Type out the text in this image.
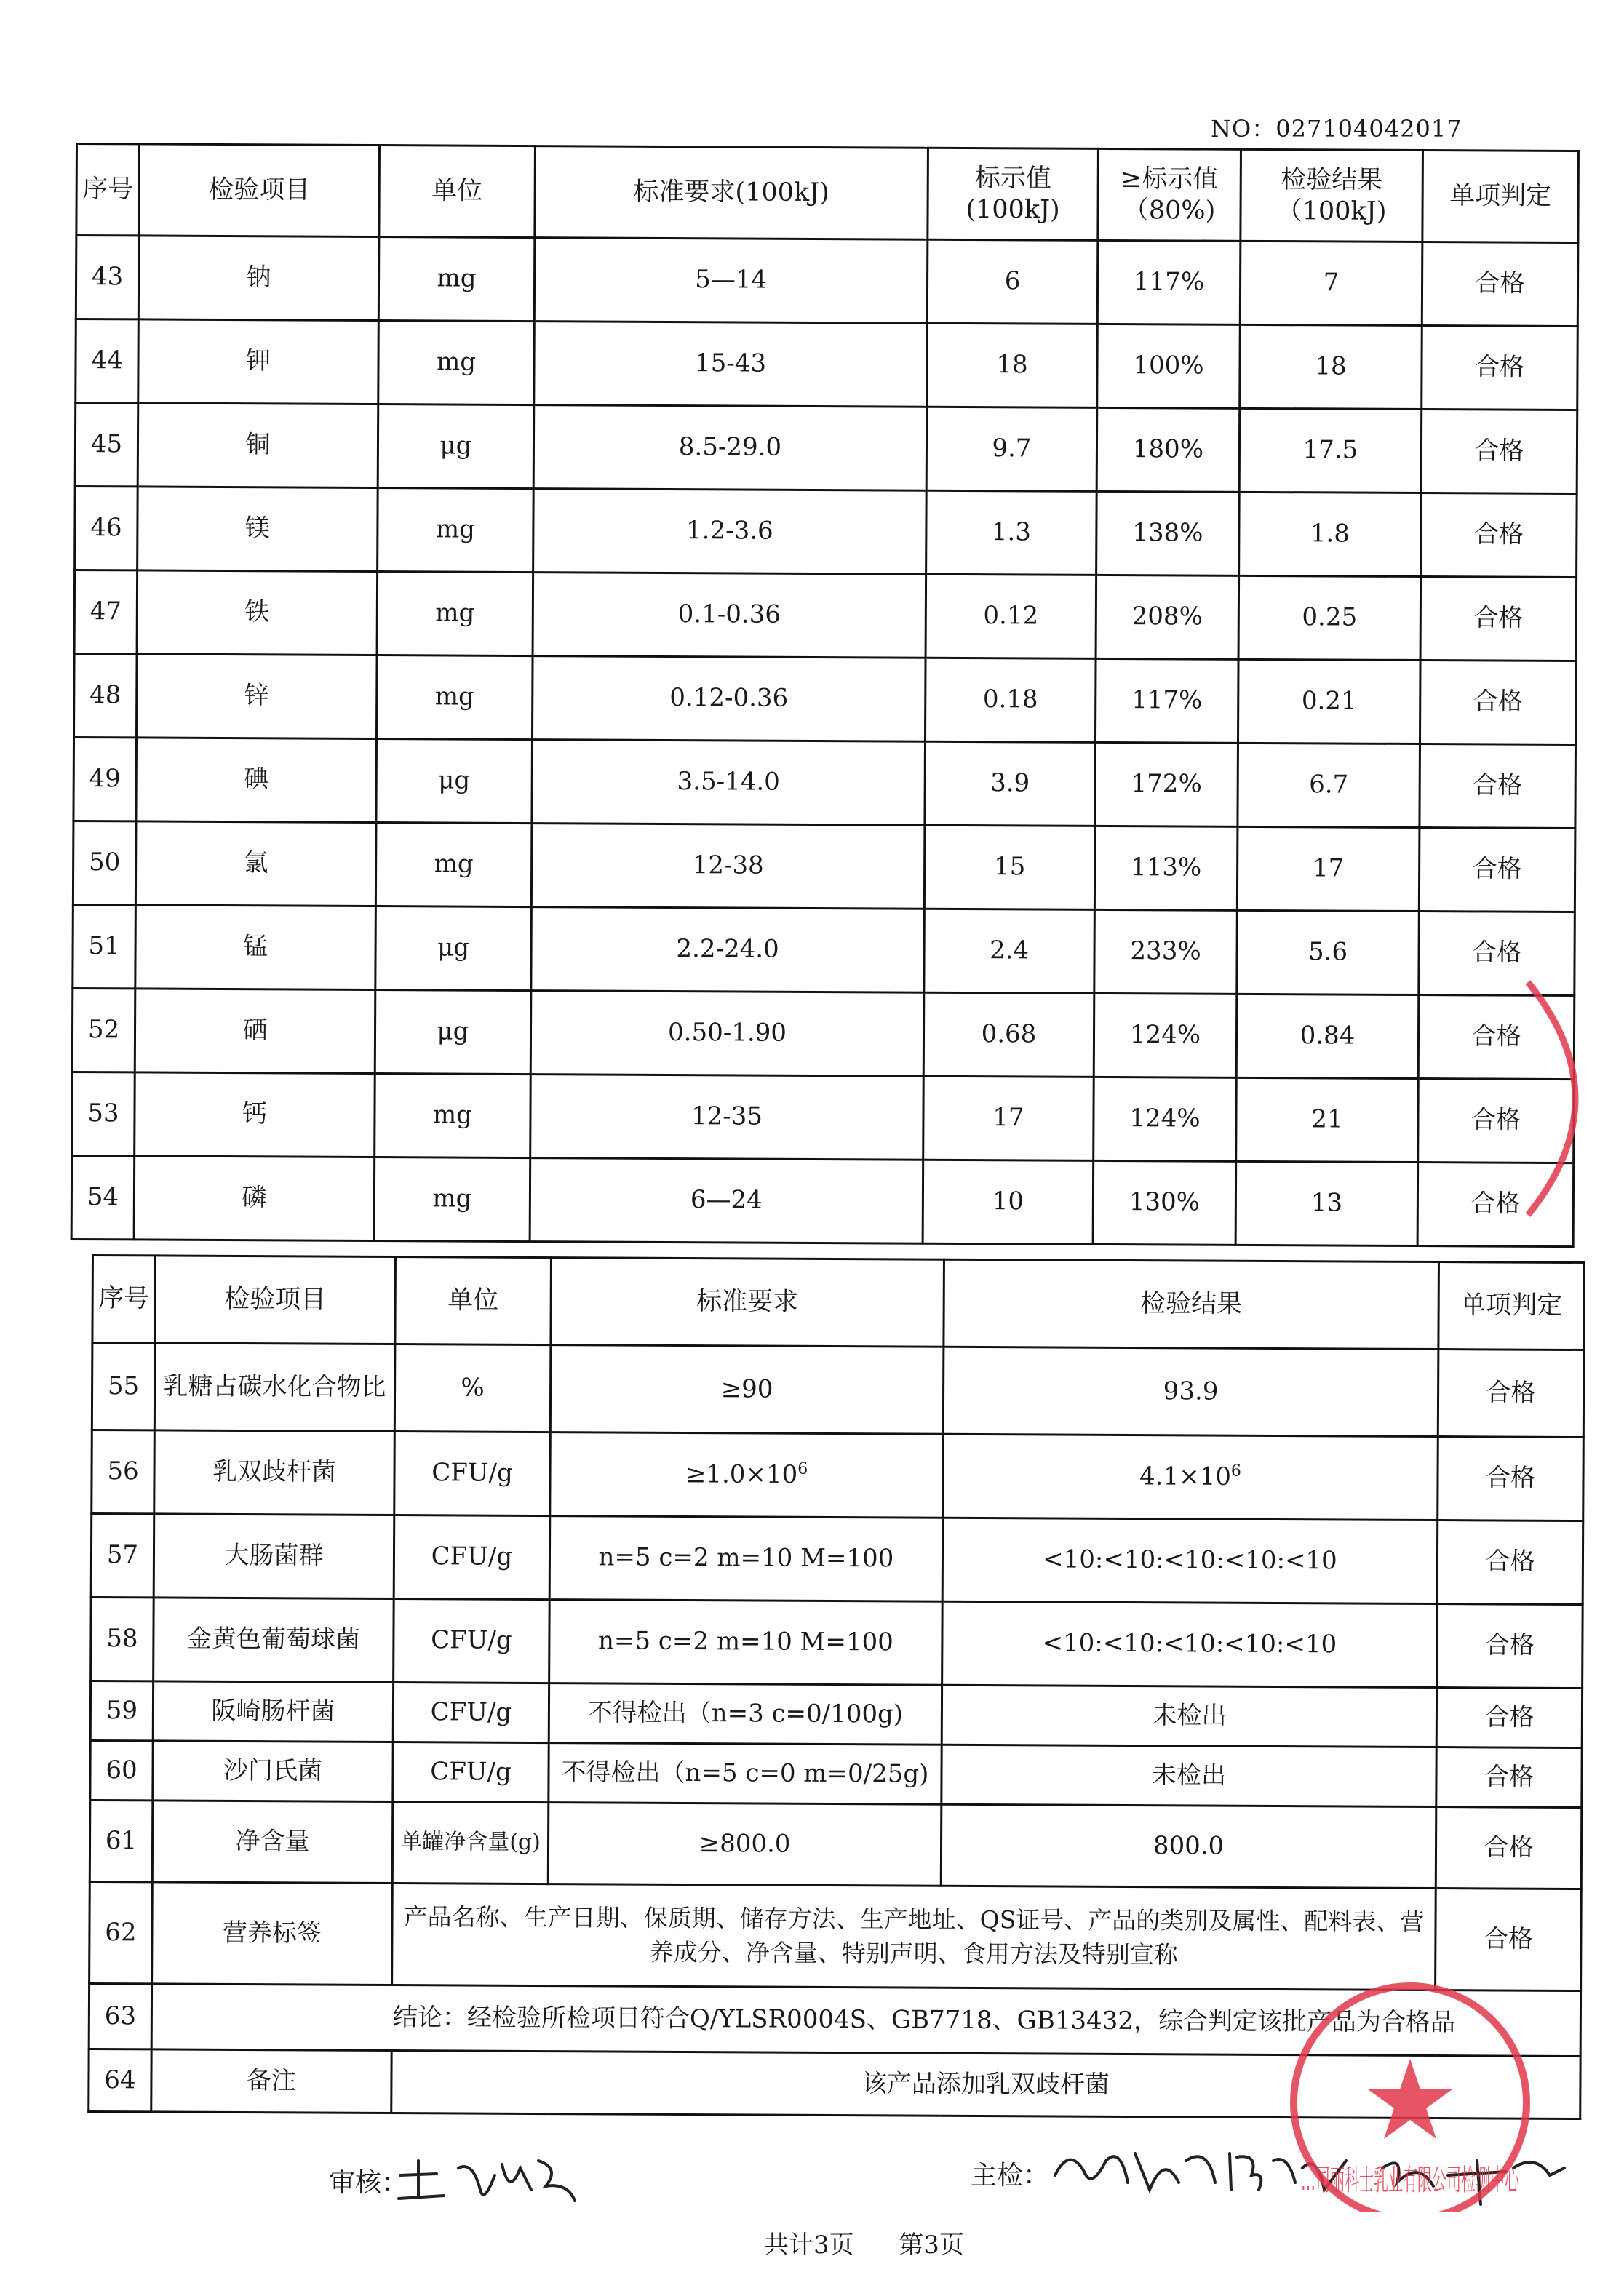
NO：027104042017
序号	检验项目	单位	标准要求(100kJ)	标示值(100kJ)	≥标示值（80%)	检验结果（100kJ)	单项判定
43	钠	mg	5—14	6	117%	7	合格
44	钾	mg	15-43	18	100%	18	合格
45	铜	μg	8.5-29.0	9.7	180%	17.5	合格
46	镁	mg	1.2-3.6	1.3	138%	1.8	合格
47	铁	mg	0.1-0.36	0.12	208%	0.25	合格
48	锌	mg	0.12-0.36	0.18	117%	0.21	合格
49	碘	μg	3.5-14.0	3.9	172%	6.7	合格
50	氯	mg	12-38	15	113%	17	合格
51	锰	μg	2.2-24.0	2.4	233%	5.6	合格
52	硒	μg	0.50-1.90	0.68	124%	0.84	合格
53	钙	mg	12-35	17	124%	21	合格
54	磷	mg	6—24	10	130%	13	合格
序号	检验项目	单位	标准要求	检验结果	单项判定
55	乳糖占碳水化合物比	%	≥90	93.9	合格
56	乳双歧杆菌	CFU/g	$\ge 1.0\times 10^6$	$4.1\times 10^6$	合格
57	大肠菌群	CFU/g	n=5 c=2 m=10 M=100	<10:<10:<10:<10:<10	合格
58	金黄色葡萄球菌	CFU/g	n=5 c=2 m=10 M=100	<10:<10:<10:<10:<10	合格
59	阪崎肠杆菌	CFU/g	不得检出（n=3 c=0/100g)	未检出	合格
60	沙门氏菌	CFU/g	不得检出（n=5 c=0 m=0/25g)	未检出	合格
61	净含量	单罐净含量(g)	≥800.0	800.0	合格
62	营养标签	产品名称、生产日期、保质期、储存方法、生产地址、QS证号、产品的类别及属性、配料表、营养成分、净含量、特别声明、食用方法及特别宣称			合格
63	结论：经检验所检项目符合Q/YLSR0004S、GB7718、GB13432，综合判定该批产品为合格品				
64	备注	该产品添加乳双歧杆菌			
审核：	主检：	…司丽科士乳业有限公司检测中心
共计3页 第3页
